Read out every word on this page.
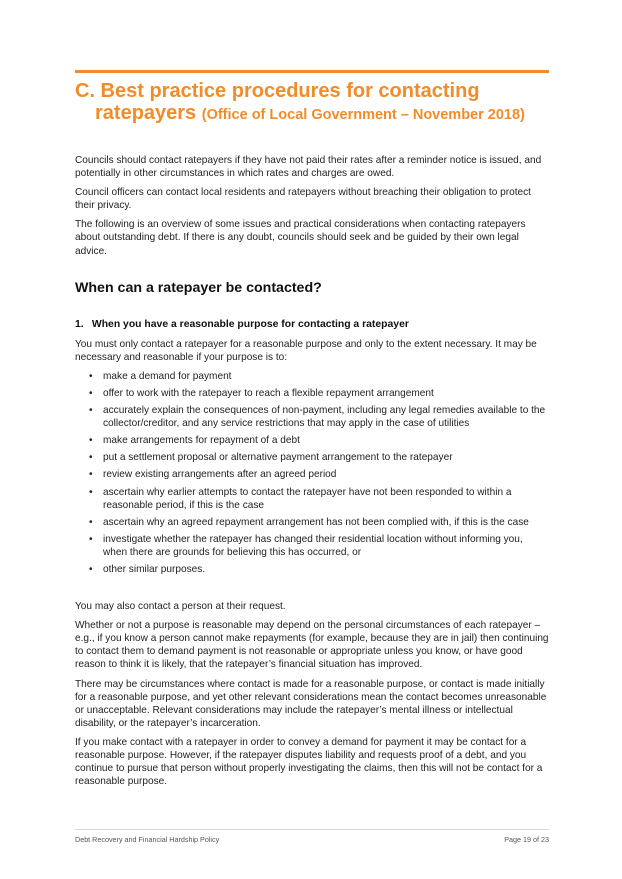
C. Best practice procedures for contacting
ratepayers (Office of Local Government – November 2018)

Councils should contact ratepayers if they have not paid their rates after a reminder notice is issued, and potentially in other circumstances in which rates and charges are owed.

Council officers can contact local residents and ratepayers without breaching their obligation to protect their privacy.

The following is an overview of some issues and practical considerations when contacting ratepayers about outstanding debt. If there is any doubt, councils should seek and be guided by their own legal advice.

When can a ratepayer be contacted?
1. When you have a reasonable purpose for contacting a ratepayer

You must only contact a ratepayer for a reasonable purpose and only to the extent necessary. It may be necessary and reasonable if your purpose is to:

• make a demand for payment
• offer to work with the ratepayer to reach a flexible repayment arrangement
• accurately explain the consequences of non-payment, including any legal remedies available to the collector/creditor, and any service restrictions that may apply in the case of utilities
• make arrangements for repayment of a debt
• put a settlement proposal or alternative payment arrangement to the ratepayer
• review existing arrangements after an agreed period
• ascertain why earlier attempts to contact the ratepayer have not been responded to within a reasonable period, if this is the case
• ascertain why an agreed repayment arrangement has not been complied with, if this is the case
• investigate whether the ratepayer has changed their residential location without informing you, when there are grounds for believing this has occurred, or
• other similar purposes.

You may also contact a person at their request.

Whether or not a purpose is reasonable may depend on the personal circumstances of each ratepayer – e.g., if you know a person cannot make repayments (for example, because they are in jail) then continuing to contact them to demand payment is not reasonable or appropriate unless you know, or have good reason to think it is likely, that the ratepayer’s financial situation has improved.

There may be circumstances where contact is made for a reasonable purpose, or contact is made initially for a reasonable purpose, and yet other relevant considerations mean the contact becomes unreasonable or unacceptable. Relevant considerations may include the ratepayer’s mental illness or intellectual disability, or the ratepayer’s incarceration.

If you make contact with a ratepayer in order to convey a demand for payment it may be contact for a reasonable purpose. However, if the ratepayer disputes liability and requests proof of a debt, and you continue to pursue that person without properly investigating the claims, then this will not be contact for a reasonable purpose.

Debt Recovery and Financial Hardship Policy	Page 19 of 23
